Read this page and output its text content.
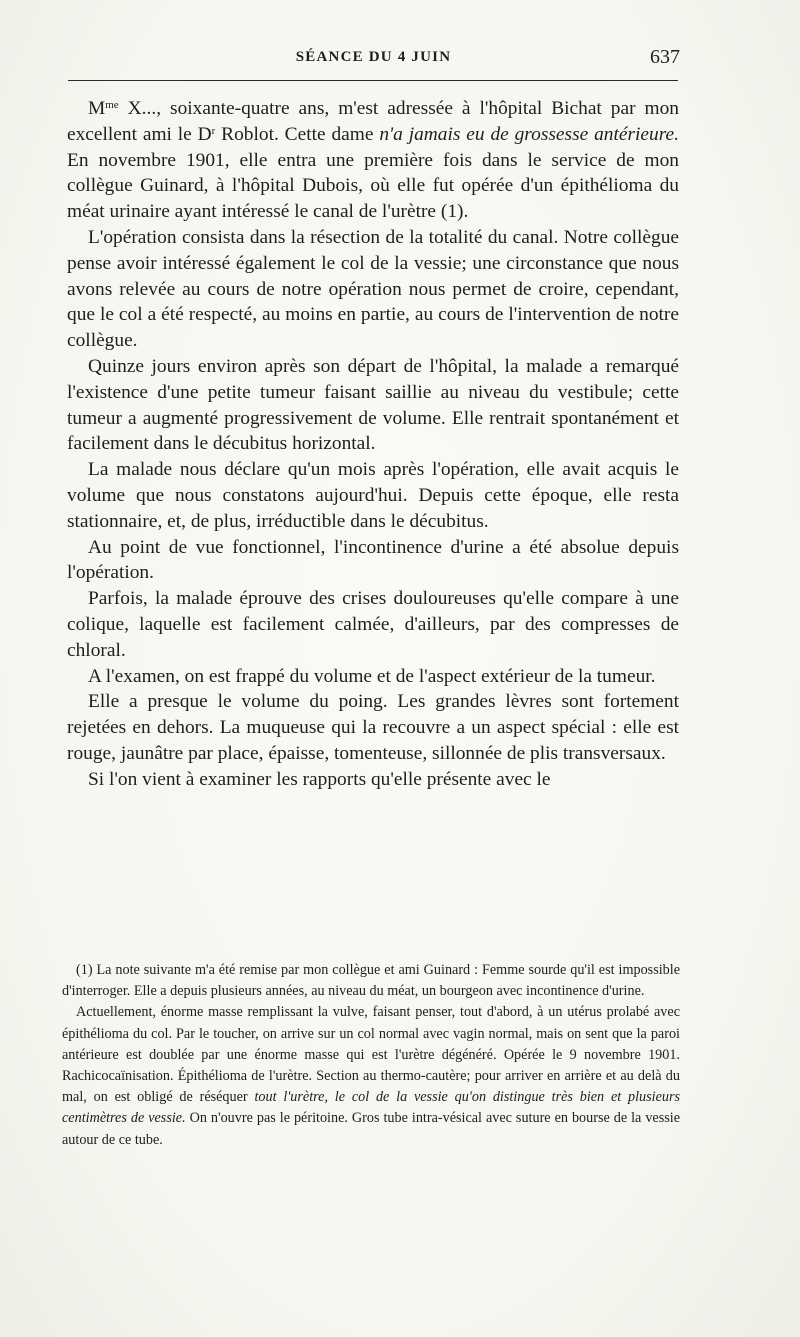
SÉANCE DU 4 JUIN	637

$M^{me}$ X..., soixante-quatre ans, m'est adressée à l'hôpital Bichat par mon excellent ami le $D^r$ Roblot. Cette dame n'a jamais eu de grossesse antérieure. En novembre 1901, elle entra une première fois dans le service de mon collègue Guinard, à l'hôpital Dubois, où elle fut opérée d'un épithélioma du méat urinaire ayant intéressé le canal de l'urètre (1).

L'opération consista dans la résection de la totalité du canal. Notre collègue pense avoir intéressé également le col de la vessie; une circonstance que nous avons relevée au cours de notre opération nous permet de croire, cependant, que le col a été respecté, au moins en partie, au cours de l'intervention de notre collègue.

Quinze jours environ après son départ de l'hôpital, la malade a remarqué l'existence d'une petite tumeur faisant saillie au niveau du vestibule; cette tumeur a augmenté progressivement de volume. Elle rentrait spontanément et facilement dans le décubitus horizontal.

La malade nous déclare qu'un mois après l'opération, elle avait acquis le volume que nous constatons aujourd'hui. Depuis cette époque, elle resta stationnaire, et, de plus, irréductible dans le décubitus.

Au point de vue fonctionnel, l'incontinence d'urine a été absolue depuis l'opération.

Parfois, la malade éprouve des crises douloureuses qu'elle compare à une colique, laquelle est facilement calmée, d'ailleurs, par des compresses de chloral.

A l'examen, on est frappé du volume et de l'aspect extérieur de la tumeur.

Elle a presque le volume du poing. Les grandes lèvres sont fortement rejetées en dehors. La muqueuse qui la recouvre a un aspect spécial : elle est rouge, jaunâtre par place, épaisse, tomenteuse, sillonnée de plis transversaux.

Si l'on vient à examiner les rapports qu'elle présente avec le

(1) La note suivante m'a été remise par mon collègue et ami Guinard : Femme sourde qu'il est impossible d'interroger. Elle a depuis plusieurs années, au niveau du méat, un bourgeon avec incontinence d'urine.

Actuellement, énorme masse remplissant la vulve, faisant penser, tout d'abord, à un utérus prolabé avec épithélioma du col. Par le toucher, on arrive sur un col normal avec vagin normal, mais on sent que la paroi antérieure est doublée par une énorme masse qui est l'urètre dégénéré. Opérée le 9 novembre 1901. Rachicocaïnisation. Épithélioma de l'urètre. Section au thermo-cautère; pour arriver en arrière et au delà du mal, on est obligé de réséquer tout l'urètre, le col de la vessie qu'on distingue très bien et plusieurs centimètres de vessie. On n'ouvre pas le péritoine. Gros tube intra-vésical avec suture en bourse de la vessie autour de ce tube.
